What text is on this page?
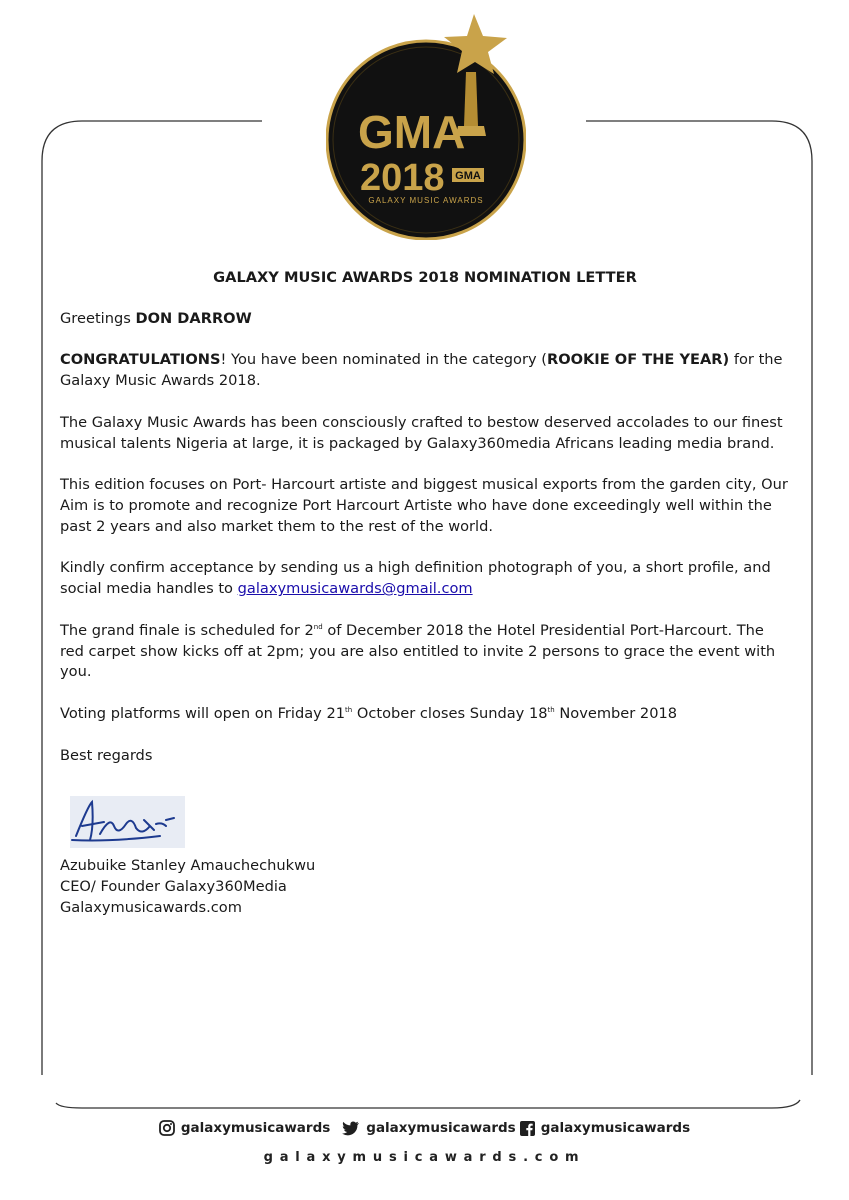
GMA
GMA
2018
GALAXY MUSIC AWARDS

GALAXY MUSIC AWARDS 2018 NOMINATION LETTER

Greetings DON DARROW

CONGRATULATIONS! You have been nominated in the category (ROOKIE OF THE YEAR) for the Galaxy Music Awards 2018.

The Galaxy Music Awards has been consciously crafted to bestow deserved accolades to our finest musical talents Nigeria at large, it is packaged by Galaxy360media Africans leading media brand.

This edition focuses on Port- Harcourt artiste and biggest musical exports from the garden city, Our Aim is to promote and recognize Port Harcourt Artiste who have done exceedingly well within the past 2 years and also market them to the rest of the world.

Kindly confirm acceptance by sending us a high definition photograph of you, a short profile, and social media handles to galaxymusicawards@gmail.com

The grand finale is scheduled for 2nd of December 2018 the Hotel Presidential Port-Harcourt. The red carpet show kicks off at 2pm; you are also entitled to invite 2 persons to grace the event with you.

Voting platforms will open on Friday 21th October closes Sunday 18th November 2018

Best regards

Azubuike Stanley Amauchechukwu
CEO/ Founder Galaxy360Media
Galaxymusicawards.com
galaxymusicawards	galaxymusicawards galaxymusicawards
galaxymusicawards.com
